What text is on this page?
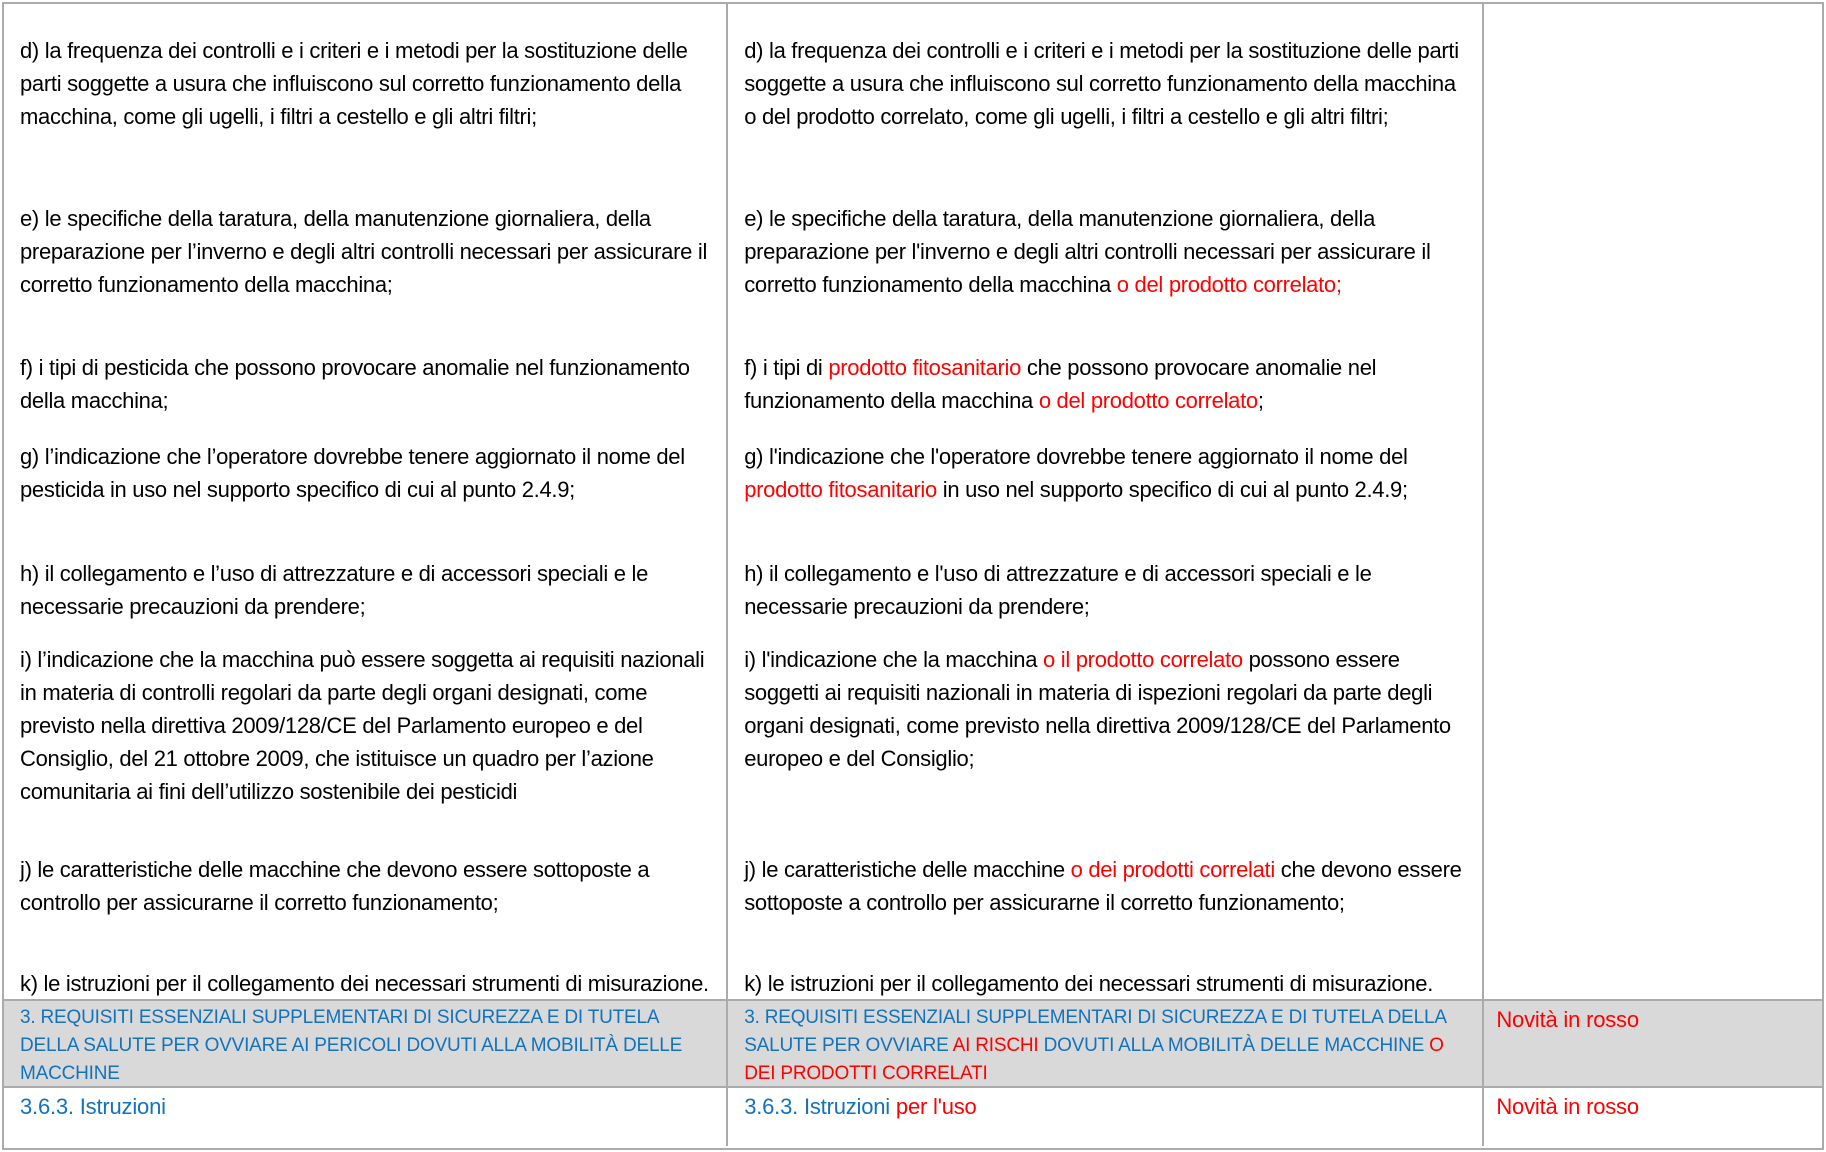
d) la frequenza dei controlli e i criteri e i metodi per la sostituzione delle parti soggette a usura che influiscono sul corretto funzionamento della macchina, come gli ugelli, i filtri a cestello e gli altri filtri;

e) le specifiche della taratura, della manutenzione giornaliera, della preparazione per l’inverno e degli altri controlli necessari per assicurare il corretto funzionamento della macchina;

f) i tipi di pesticida che possono provocare anomalie nel funzionamento della macchina;

g) l’indicazione che l’operatore dovrebbe tenere aggiornato il nome del pesticida in uso nel supporto specifico di cui al punto 2.4.9;

h) il collegamento e l’uso di attrezzature e di accessori speciali e le necessarie precauzioni da prendere;

i) l’indicazione che la macchina può essere soggetta ai requisiti nazionali in materia di controlli regolari da parte degli organi designati, come previsto nella direttiva 2009/128/CE del Parlamento europeo e del Consiglio, del 21 ottobre 2009, che istituisce un quadro per l’azione comunitaria ai fini dell’utilizzo sostenibile dei pesticidi

j) le caratteristiche delle macchine che devono essere sottoposte a controllo per assicurarne il corretto funzionamento;

k) le istruzioni per il collegamento dei necessari strumenti di misurazione.

d) la frequenza dei controlli e i criteri e i metodi per la sostituzione delle parti soggette a usura che influiscono sul corretto funzionamento della macchina o del prodotto correlato, come gli ugelli, i filtri a cestello e gli altri filtri;

e) le specifiche della taratura, della manutenzione giornaliera, della preparazione per l'inverno e degli altri controlli necessari per assicurare il corretto funzionamento della macchina o del prodotto correlato;

f) i tipi di prodotto fitosanitario che possono provocare anomalie nel funzionamento della macchina o del prodotto correlato;

g) l'indicazione che l'operatore dovrebbe tenere aggiornato il nome del prodotto fitosanitario in uso nel supporto specifico di cui al punto 2.4.9;

h) il collegamento e l'uso di attrezzature e di accessori speciali e le necessarie precauzioni da prendere;

i) l'indicazione che la macchina o il prodotto correlato possono essere soggetti ai requisiti nazionali in materia di ispezioni regolari da parte degli organi designati, come previsto nella direttiva 2009/128/CE del Parlamento europeo e del Consiglio;

j) le caratteristiche delle macchine o dei prodotti correlati che devono essere sottoposte a controllo per assicurarne il corretto funzionamento;

k) le istruzioni per il collegamento dei necessari strumenti di misurazione.

3. REQUISITI ESSENZIALI SUPPLEMENTARI DI SICUREZZA E DI TUTELA DELLA SALUTE PER OVVIARE AI PERICOLI DOVUTI ALLA MOBILITÀ DELLE MACCHINE
3. REQUISITI ESSENZIALI SUPPLEMENTARI DI SICUREZZA E DI TUTELA DELLA SALUTE PER OVVIARE AI RISCHI DOVUTI ALLA MOBILITÀ DELLE MACCHINE O DEI PRODOTTI CORRELATI
Novità in rosso
3.6.3. Istruzioni	3.6.3. Istruzioni per l'uso	Novità in rosso
